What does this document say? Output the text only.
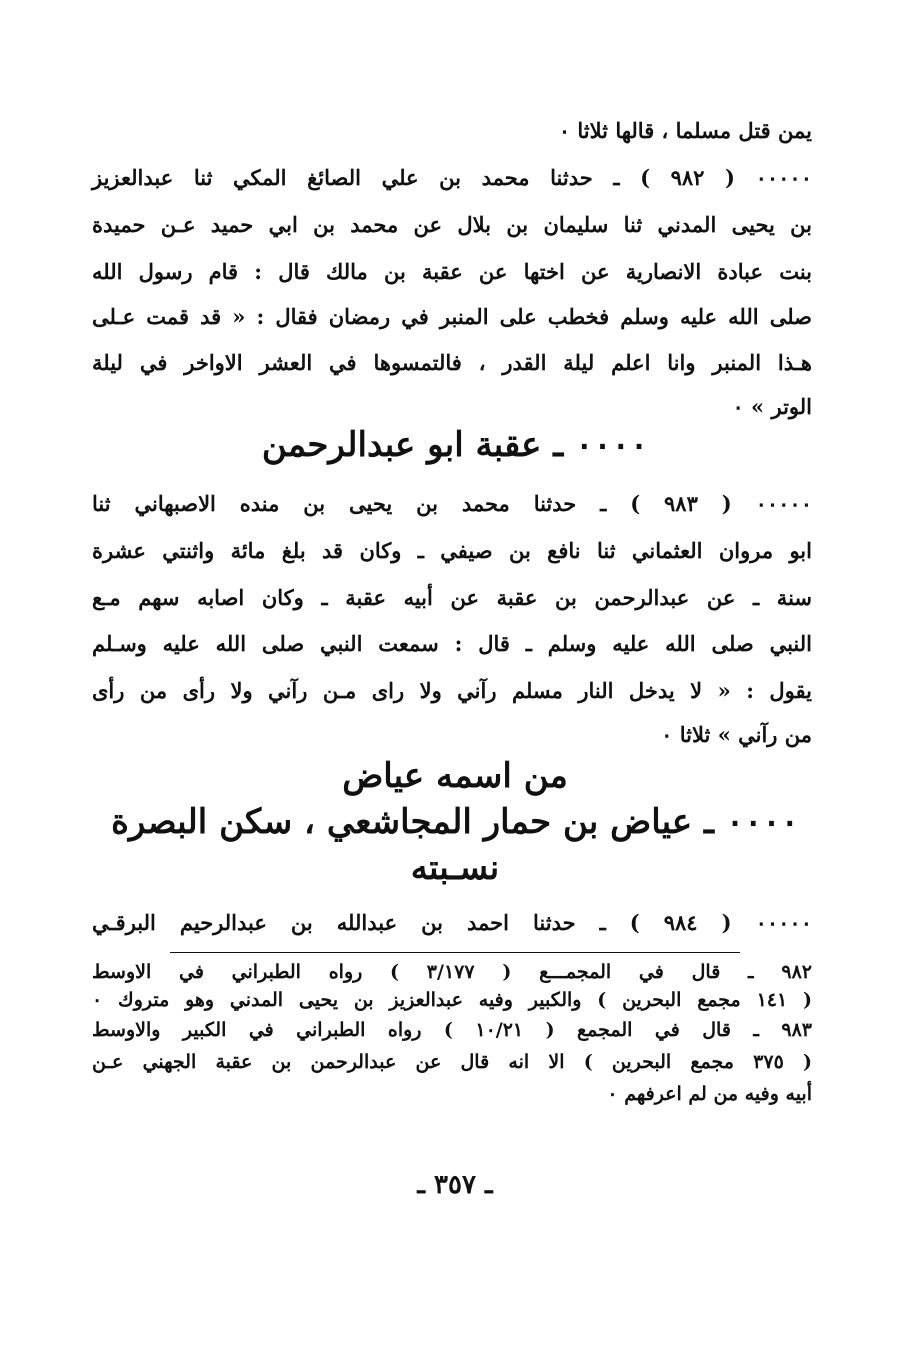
يمن قتل مسلما ، قالها ثلاثا ٠
٠٠٠٠٠ ( ٩٨٢ ) ـ حدثنا محمد بن علي الصائغ المكي ثنا عبدالعزيز
بن يحيى المدني ثنا سليمان بن بلال عن محمد بن ابي حميد عـن حميدة
بنت عبادة الانصارية عن اختها عن عقبة بن مالك قال : قام رسول الله
صلى الله عليه وسلم فخطب على المنبر في رمضان فقال : « قد قمت عـلى
هـذا المنبر وانا اعلم ليلة القدر ، فالتمسوها في العشر الاواخر في ليلة
الوتر » ٠
٠٠٠٠ ـ عقبة ابو عبدالرحمن
٠٠٠٠٠ ( ٩٨٣ ) ـ حدثنا محمد بن يحيى بن منده الاصبهاني ثنا
ابو مروان العثماني ثنا نافع بن صيفي ـ وكان قد بلغ مائة واثنتي عشرة
سنة ـ عن عبدالرحمن بن عقبة عن أبيه عقبة ـ وكان اصابه سهم مـع
النبي صلى الله عليه وسلم ـ قال : سمعت النبي صلى الله عليه وسـلم
يقول : « لا يدخل النار مسلم رآني ولا راى مـن رآني ولا رأى من رأى
من رآني » ثلاثا ٠
من اسمه عياض
٠٠٠٠ ـ عياض بن حمار المجاشعي ، سكن البصرة
نسـبته
٠٠٠٠٠ ( ٩٨٤ ) ـ حدثنا احمد بن عبدالله بن عبدالرحيم البرقـي
٩٨٢ ـ قال في المجمـــع ( ٣/١٧٧ ) رواه الطبراني في الاوسط
( ١٤١ مجمع البحرين ) والكبير وفيه عبدالعزيز بن يحيى المدني وهو متروك ٠
٩٨٣ ـ قال في المجمع ( ١٠/٢١ ) رواه الطبراني في الكبير والاوسط
( ٣٧٥ مجمع البحرين ) الا انه قال عن عبدالرحمن بن عقبة الجهني عـن
أبيه وفيه من لم اعرفهم ٠
ـ ٣٥٧ ـ
